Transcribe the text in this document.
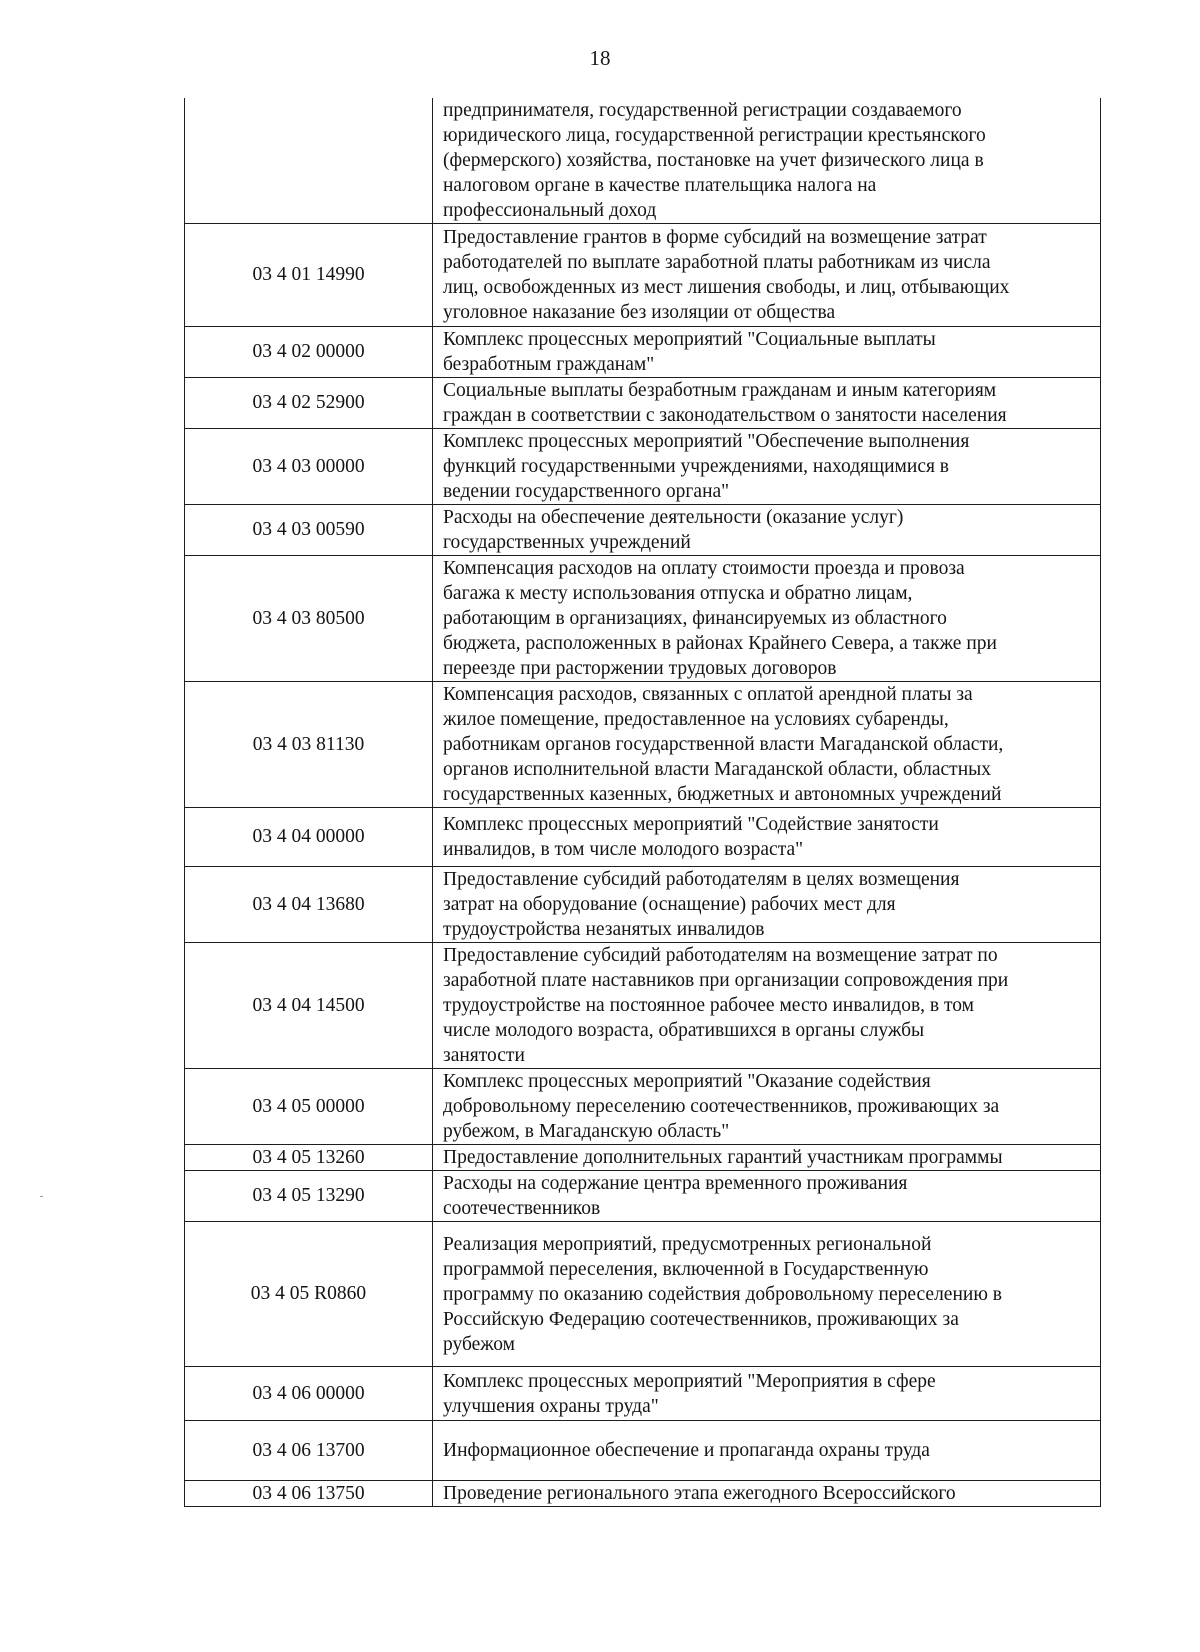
18

	предпринимателя, государственной регистрации создаваемого
юридического лица, государственной регистрации крестьянского
(фермерского) хозяйства, постановке на учет физического лица в
налоговом органе в качестве плательщика налога на
профессиональный доход

03 4 01 14990	Предоставление грантов в форме субсидий на возмещение затрат
работодателей по выплате заработной платы работникам из числа
лиц, освобожденных из мест лишения свободы, и лиц, отбывающих
уголовное наказание без изоляции от общества

03 4 02 00000	Комплекс процессных мероприятий "Социальные выплаты
безработным гражданам"

03 4 02 52900	Социальные выплаты безработным гражданам и иным категориям
граждан в соответствии с законодательством о занятости населения

03 4 03 00000	Комплекс процессных мероприятий "Обеспечение выполнения
функций государственными учреждениями, находящимися в
ведении государственного органа"

03 4 03 00590	Расходы на обеспечение деятельности (оказание услуг)
государственных учреждений

03 4 03 80500	Компенсация расходов на оплату стоимости проезда и провоза
багажа к месту использования отпуска и обратно лицам,
работающим в организациях, финансируемых из областного
бюджета, расположенных в районах Крайнего Севера, а также при
переезде при расторжении трудовых договоров

03 4 03 81130	Компенсация расходов, связанных с оплатой арендной платы за
жилое помещение, предоставленное на условиях субаренды,
работникам органов государственной власти Магаданской области,
органов исполнительной власти Магаданской области, областных
государственных казенных, бюджетных и автономных учреждений

03 4 04 00000	Комплекс процессных мероприятий "Содействие занятости
инвалидов, в том числе молодого возраста"

03 4 04 13680	Предоставление субсидий работодателям в целях возмещения
затрат на оборудование (оснащение) рабочих мест для
трудоустройства незанятых инвалидов

03 4 04 14500	Предоставление субсидий работодателям на возмещение затрат по
заработной плате наставников при организации сопровождения при
трудоустройстве на постоянное рабочее место инвалидов, в том
числе молодого возраста, обратившихся в органы службы
занятости

03 4 05 00000	Комплекс процессных мероприятий "Оказание содействия
добровольному переселению соотечественников, проживающих за
рубежом, в Магаданскую область"

03 4 05 13260	Предоставление дополнительных гарантий участникам программы

03 4 05 13290	Расходы на содержание центра временного проживания
соотечественников

03 4 05 R0860	Реализация мероприятий, предусмотренных региональной
программой переселения, включенной в Государственную
программу по оказанию содействия добровольному переселению в
Российскую Федерацию соотечественников, проживающих за
рубежом

03 4 06 00000	Комплекс процессных мероприятий "Мероприятия в сфере
улучшения охраны труда"

03 4 06 13700	Информационное обеспечение и пропаганда охраны труда

03 4 06 13750	Проведение регионального этапа ежегодного Всероссийского
